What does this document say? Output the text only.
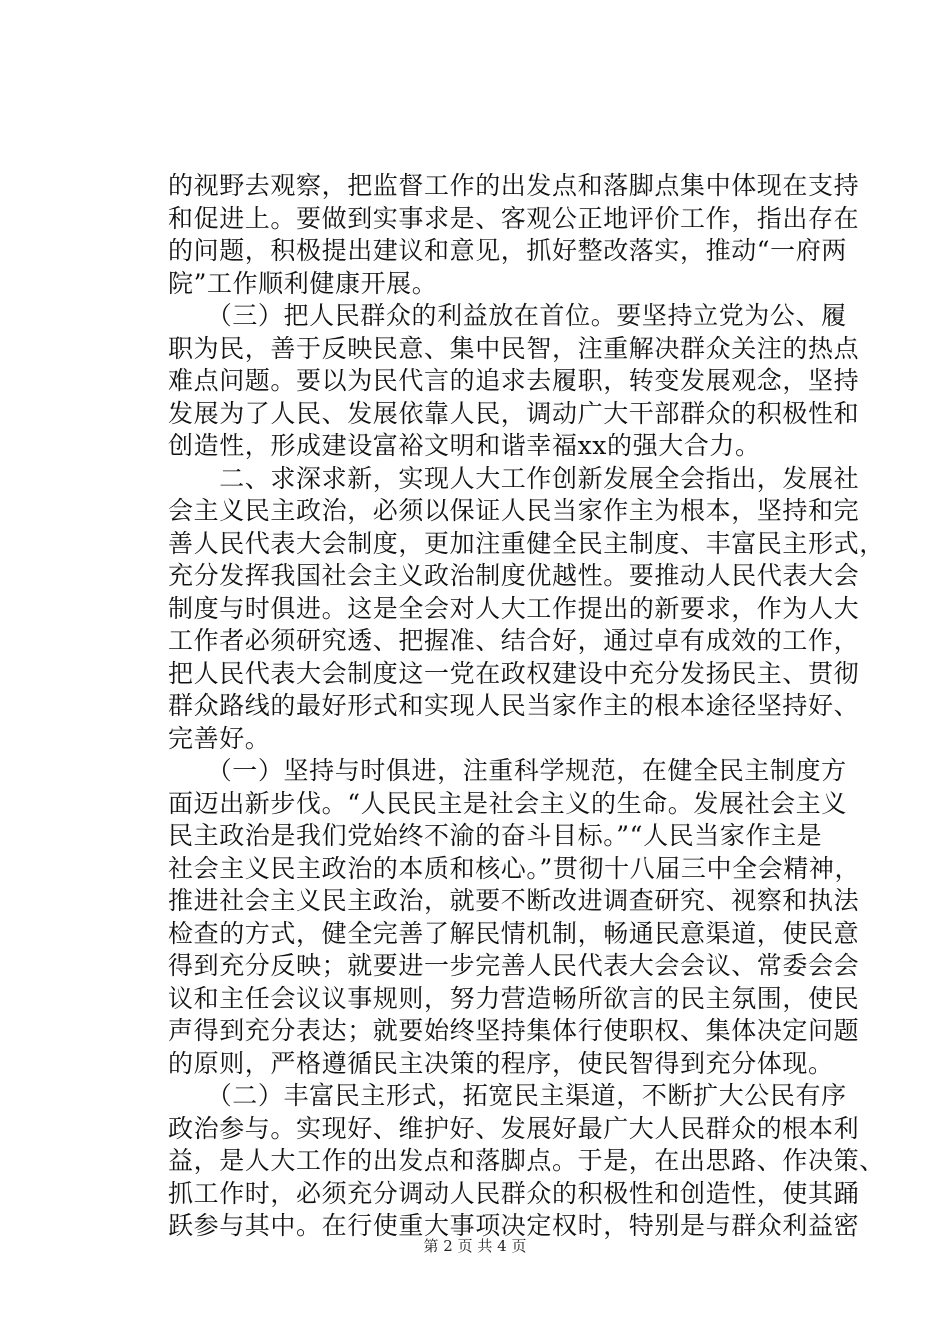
的视野去观察，把监督工作的出发点和落脚点集中体现在支持
和促进上。要做到实事求是、客观公正地评价工作，指出存在
的问题，积极提出建议和意见，抓好整改落实，推动“一府两
院”工作顺利健康开展。
　　（三）把人民群众的利益放在首位。要坚持立党为公、履
职为民，善于反映民意、集中民智，注重解决群众关注的热点
难点问题。要以为民代言的追求去履职，转变发展观念，坚持
发展为了人民、发展依靠人民，调动广大干部群众的积极性和
创造性，形成建设富裕文明和谐幸福xx的强大合力。
　　二、求深求新，实现人大工作创新发展全会指出，发展社
会主义民主政治，必须以保证人民当家作主为根本，坚持和完
善人民代表大会制度，更加注重健全民主制度、丰富民主形式，
充分发挥我国社会主义政治制度优越性。要推动人民代表大会
制度与时俱进。这是全会对人大工作提出的新要求，作为人大
工作者必须研究透、把握准、结合好，通过卓有成效的工作，
把人民代表大会制度这一党在政权建设中充分发扬民主、贯彻
群众路线的最好形式和实现人民当家作主的根本途径坚持好、
完善好。
　　（一）坚持与时俱进，注重科学规范，在健全民主制度方
面迈出新步伐。“人民民主是社会主义的生命。发展社会主义
民主政治是我们党始终不渝的奋斗目标。”“人民当家作主是
社会主义民主政治的本质和核心。”贯彻十八届三中全会精神，
推进社会主义民主政治，就要不断改进调查研究、视察和执法
检查的方式，健全完善了解民情机制，畅通民意渠道，使民意
得到充分反映；就要进一步完善人民代表大会会议、常委会会
议和主任会议议事规则，努力营造畅所欲言的民主氛围，使民
声得到充分表达；就要始终坚持集体行使职权、集体决定问题
的原则，严格遵循民主决策的程序，使民智得到充分体现。
　　（二）丰富民主形式，拓宽民主渠道，不断扩大公民有序
政治参与。实现好、维护好、发展好最广大人民群众的根本利
益，是人大工作的出发点和落脚点。于是，在出思路、作决策、
抓工作时，必须充分调动人民群众的积极性和创造性，使其踊
跃参与其中。在行使重大事项决定权时，特别是与群众利益密
第 2 页 共 4 页
